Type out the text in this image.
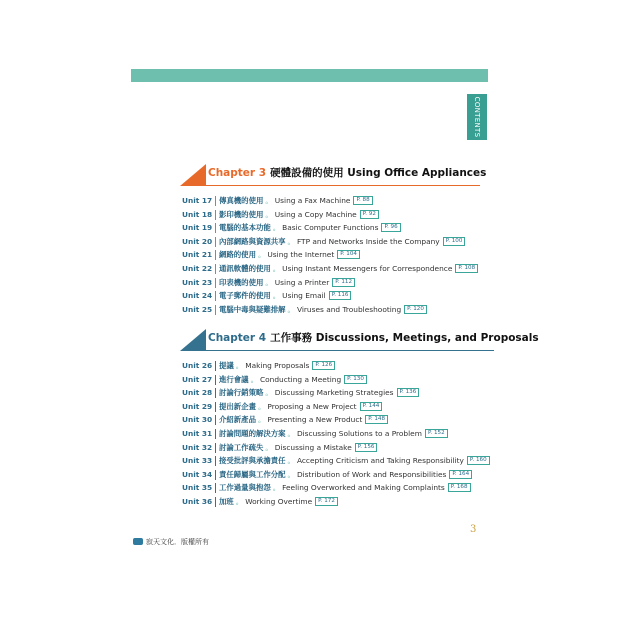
CONTENTS
Chapter 3 硬體設備的使用 Using Office Appliances
Unit 17 傳真機的使用 。 Using a Fax Machine P. 88
Unit 18 影印機的使用 。 Using a Copy Machine P. 92
Unit 19 電腦的基本功能 。 Basic Computer Functions P. 96
Unit 20 內部網路與資源共享 。 FTP and Networks Inside the Company P. 100
Unit 21 網路的使用 。 Using the Internet P. 104
Unit 22 通訊軟體的使用 。 Using Instant Messengers for Correspondence P. 108
Unit 23 印表機的使用 。 Using a Printer P. 112
Unit 24 電子郵件的使用 。 Using Email P. 116
Unit 25 電腦中毒與疑難排解 。 Viruses and Troubleshooting P. 120
Chapter 4 工作事務 Discussions, Meetings, and Proposals
Unit 26 提議 。 Making Proposals P. 126
Unit 27 進行會議 。 Conducting a Meeting P. 130
Unit 28 討論行銷策略 。 Discussing Marketing Strategies P. 136
Unit 29 提出新企畫 。 Proposing a New Project P. 144
Unit 30 介紹新產品 。 Presenting a New Product P. 148
Unit 31 討論問題的解決方案 。 Discussing Solutions to a Problem P. 152
Unit 32 討論工作疏失 。 Discussing a Mistake P. 156
Unit 33 接受批評與承擔責任 。 Accepting Criticism and Taking Responsibility P. 160
Unit 34 責任歸屬與工作分配 。 Distribution of Work and Responsibilities P. 164
Unit 35 工作過量與抱怨 。 Feeling Overworked and Making Complaints P. 168
Unit 36 加班 。 Working Overtime P. 172
3
寂天文化．版權所有
